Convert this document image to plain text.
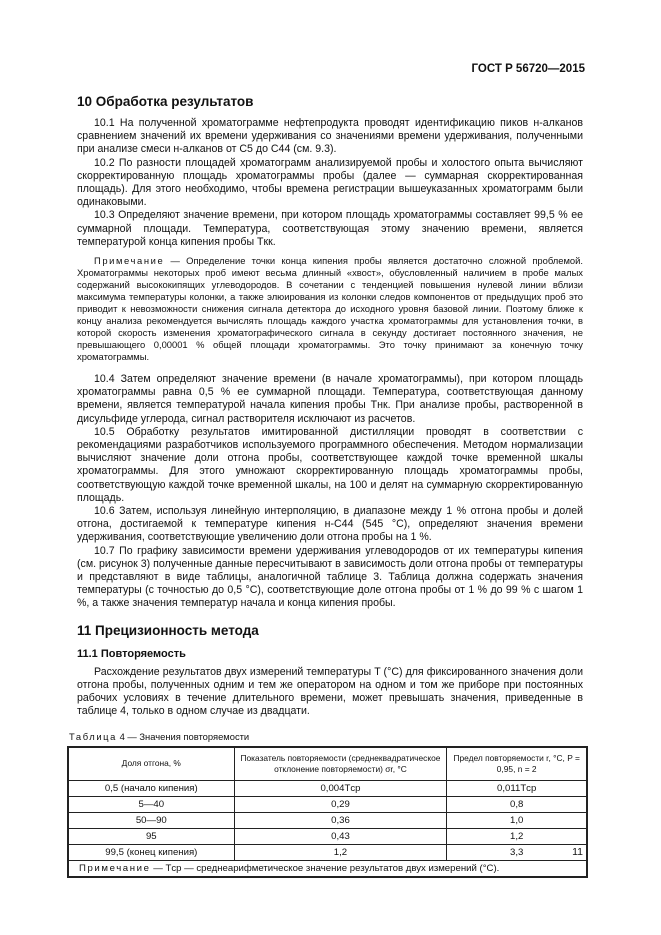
ГОСТ Р 56720—2015
10 Обработка результатов

10.1 На полученной хроматограмме нефтепродукта проводят идентификацию пиков н-алканов сравнением значений их времени удерживания со значениями времени удерживания, полученными при анализе смеси н-алканов от C5 до C44 (см. 9.3).

10.2 По разности площадей хроматограмм анализируемой пробы и холостого опыта вычисляют скорректированную площадь хроматограммы пробы (далее — суммарная скорректированная площадь). Для этого необходимо, чтобы времена регистрации вышеуказанных хроматограмм были одинаковыми.

10.3 Определяют значение времени, при котором площадь хроматограммы составляет 99,5 % ее суммарной площади. Температура, соответствующая этому значению времени, является температурой конца кипения пробы Tкк.

Примечание — Определение точки конца кипения пробы является достаточно сложной проблемой. Хроматограммы некоторых проб имеют весьма длинный «хвост», обусловленный наличием в пробе малых содержаний высококипящих углеводородов. В сочетании с тенденцией повышения нулевой линии вблизи максимума температуры колонки, а также элюирования из колонки следов компонентов от предыдущих проб это приводит к невозможности снижения сигнала детектора до исходного уровня базовой линии. Поэтому ближе к концу анализа рекомендуется вычислять площадь каждого участка хроматограммы для установления точки, в которой скорость изменения хроматографического сигнала в секунду достигает постоянного значения, не превышающего 0,00001 % общей площади хроматограммы. Это точку принимают за конечную точку хроматограммы.

10.4 Затем определяют значение времени (в начале хроматограммы), при котором площадь хроматограммы равна 0,5 % ее суммарной площади. Температура, соответствующая данному времени, является температурой начала кипения пробы Tнк. При анализе пробы, растворенной в дисульфиде углерода, сигнал растворителя исключают из расчетов.

10.5 Обработку результатов имитированной дистилляции проводят в соответствии с рекомендациями разработчиков используемого программного обеспечения. Методом нормализации вычисляют значение доли отгона пробы, соответствующее каждой точке временной шкалы хроматограммы. Для этого умножают скорректированную площадь хроматограммы пробы, соответствующую каждой точке временной шкалы, на 100 и делят на суммарную скорректированную площадь.

10.6 Затем, используя линейную интерполяцию, в диапазоне между 1 % отгона пробы и долей отгона, достигаемой к температуре кипения н-C44 (545 °C), определяют значения времени удерживания, соответствующие увеличению доли отгона пробы на 1 %.

10.7 По графику зависимости времени удерживания углеводородов от их температуры кипения (см. рисунок 3) полученные данные пересчитывают в зависимость доли отгона пробы от температуры и представляют в виде таблицы, аналогичной таблице 3. Таблица должна содержать значения температуры (с точностью до 0,5 °C), соответствующие доле отгона пробы от 1 % до 99 % с шагом 1 %, а также значения температур начала и конца кипения пробы.

11 Прецизионность метода
11.1 Повторяемость

Расхождение результатов двух измерений температуры T (°C) для фиксированного значения доли отгона пробы, полученных одним и тем же оператором на одном и том же приборе при постоянных рабочих условиях в течение длительного времени, может превышать значения, приведенные в таблице 4, только в одном случае из двадцати.

Таблица 4 — Значения повторяемости
Доля отгона, %	Показатель повторяемости (среднеквадратическое отклонение повторяемости) σr, °C	Предел повторяемости r, °C, P = 0,95, n = 2
0,5 (начало кипения)	0,004Tср	0,011Tср
5—40	0,29	0,8
50—90	0,36	1,0
95	0,43	1,2
99,5 (конец кипения)	1,2	3,3
Примечание — Tср — среднеарифметическое значение результатов двух измерений (°C).		
11
